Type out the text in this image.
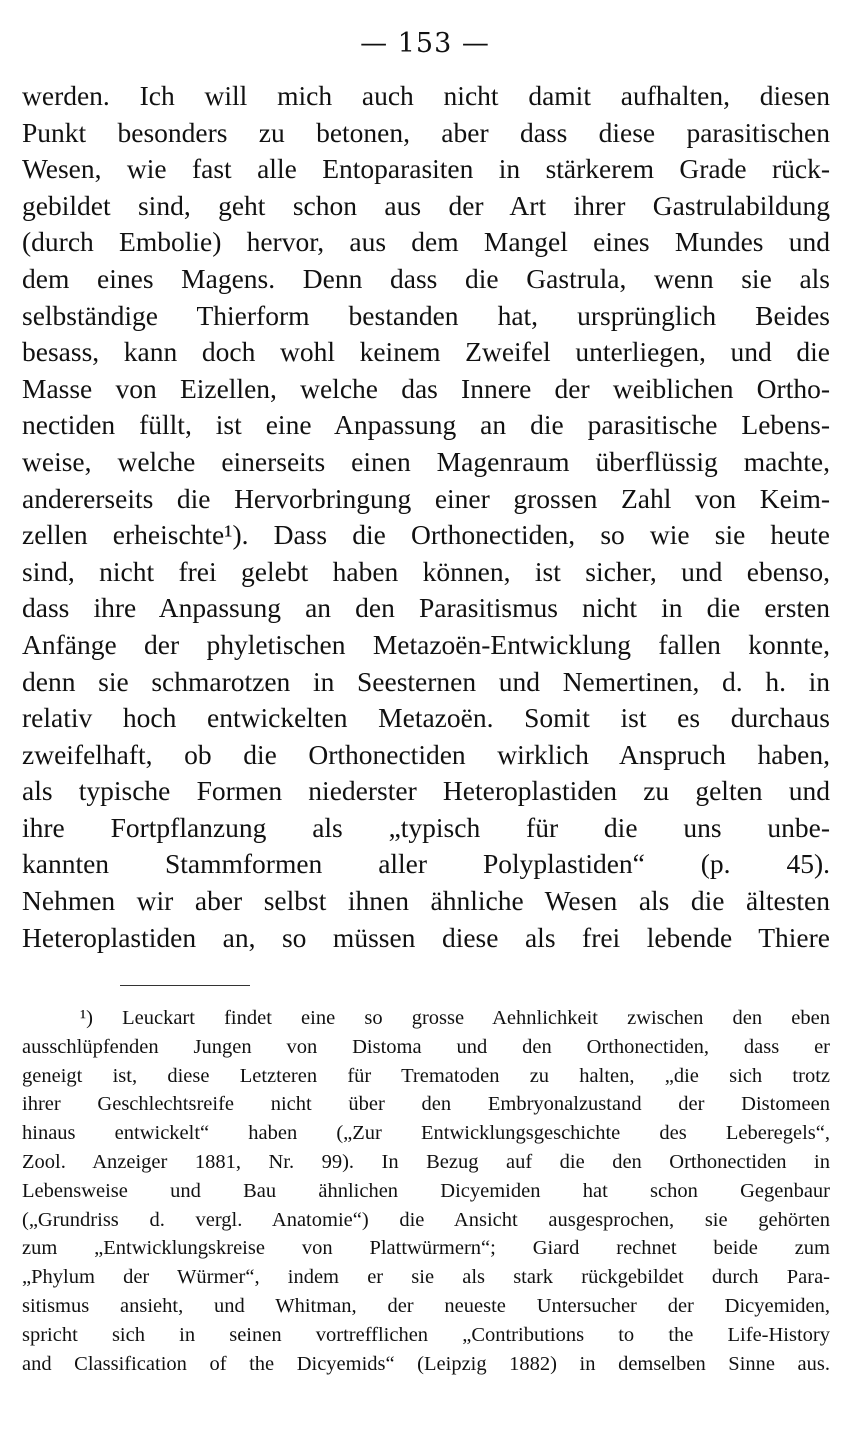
— 153 —
werden. Ich will mich auch nicht damit aufhalten, diesen
Punkt besonders zu betonen, aber dass diese parasitischen
Wesen, wie fast alle Entoparasiten in stärkerem Grade rück-
gebildet sind, geht schon aus der Art ihrer Gastrulabildung
(durch Embolie) hervor, aus dem Mangel eines Mundes und
dem eines Magens. Denn dass die Gastrula, wenn sie als
selbständige Thierform bestanden hat, ursprünglich Beides
besass, kann doch wohl keinem Zweifel unterliegen, und die
Masse von Eizellen, welche das Innere der weiblichen Ortho-
nectiden füllt, ist eine Anpassung an die parasitische Lebens-
weise, welche einerseits einen Magenraum überflüssig machte,
andererseits die Hervorbringung einer grossen Zahl von Keim-
zellen erheischte¹). Dass die Orthonectiden, so wie sie heute
sind, nicht frei gelebt haben können, ist sicher, und ebenso,
dass ihre Anpassung an den Parasitismus nicht in die ersten
Anfänge der phyletischen Metazoën-Entwicklung fallen konnte,
denn sie schmarotzen in Seesternen und Nemertinen, d. h. in
relativ hoch entwickelten Metazoën. Somit ist es durchaus
zweifelhaft, ob die Orthonectiden wirklich Anspruch haben,
als typische Formen niederster Heteroplastiden zu gelten und
ihre Fortpflanzung als „typisch für die uns unbe-
kannten Stammformen aller Polyplastiden“ (p. 45).
Nehmen wir aber selbst ihnen ähnliche Wesen als die ältesten
Heteroplastiden an, so müssen diese als frei lebende Thiere
¹) Leuckart findet eine so grosse Aehnlichkeit zwischen den eben
ausschlüpfenden Jungen von Distoma und den Orthonectiden, dass er
geneigt ist, diese Letzteren für Trematoden zu halten, „die sich trotz
ihrer Geschlechtsreife nicht über den Embryonalzustand der Distomeen
hinaus entwickelt“ haben („Zur Entwicklungsgeschichte des Leberegels“,
Zool. Anzeiger 1881, Nr. 99). In Bezug auf die den Orthonectiden in
Lebensweise und Bau ähnlichen Dicyemiden hat schon Gegenbaur
(„Grundriss d. vergl. Anatomie“) die Ansicht ausgesprochen, sie gehörten
zum „Entwicklungskreise von Plattwürmern“; Giard rechnet beide zum
„Phylum der Würmer“, indem er sie als stark rückgebildet durch Para-
sitismus ansieht, und Whitman, der neueste Untersucher der Dicyemiden,
spricht sich in seinen vortrefflichen „Contributions to the Life-History
and Classification of the Dicyemids“ (Leipzig 1882) in demselben Sinne aus.
